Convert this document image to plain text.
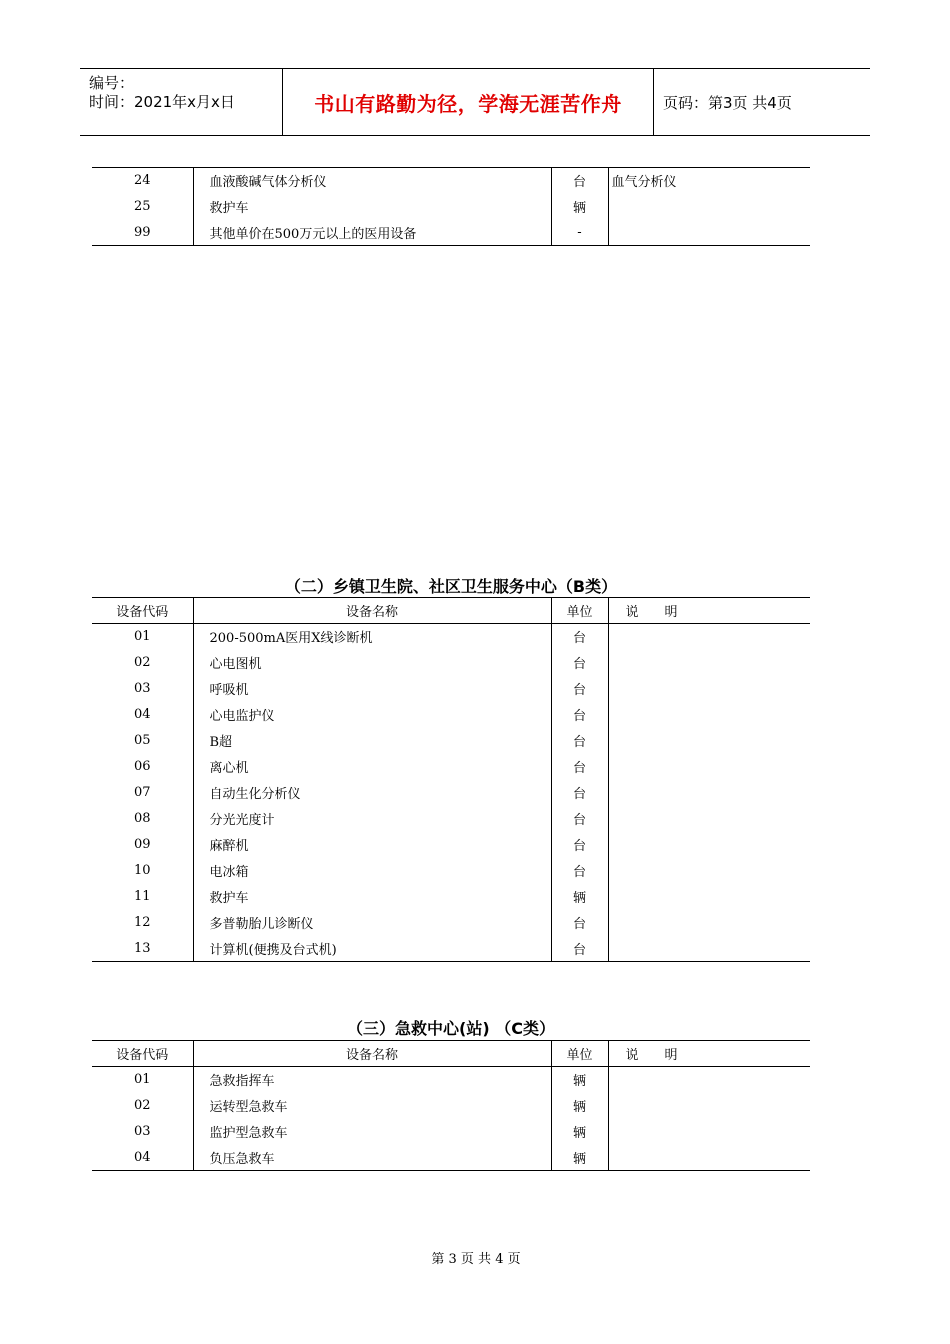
编号：
时间：2021年x月x日	书山有路勤为径，学海无涯苦作舟	页码：第3页 共4页
24	血液酸碱气体分析仪	台	血气分析仪
25	救护车	辆	
99	其他单价在500万元以上的医用设备	-	
（二）乡镇卫生院、社区卫生服务中心（B类）
设备代码	设备名称	单位	说　　明
01	200-500mA医用X线诊断机	台	
02	心电图机	台	
03	呼吸机	台	
04	心电监护仪	台	
05	B超	台	
06	离心机	台	
07	自动生化分析仪	台	
08	分光光度计	台	
09	麻醉机	台	
10	电冰箱	台	
11	救护车	辆	
12	多普勒胎儿诊断仪	台	
13	计算机(便携及台式机)	台	
（三）急救中心(站) （C类）
设备代码	设备名称	单位	说　　明
01	急救指挥车	辆	
02	运转型急救车	辆	
03	监护型急救车	辆	
04	负压急救车	辆	
第 3 页 共 4 页
